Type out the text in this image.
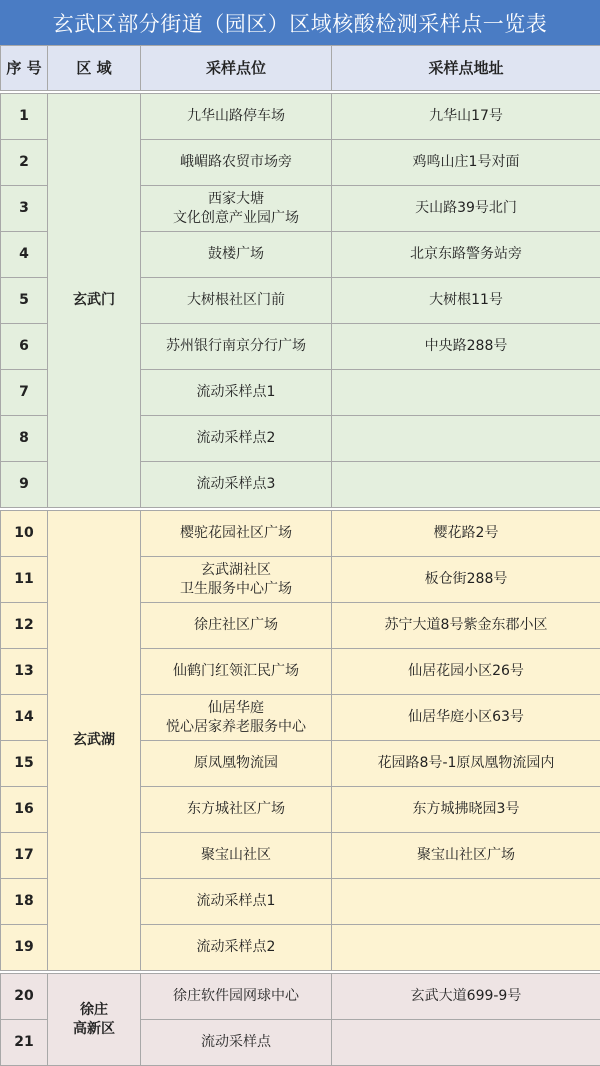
玄武区部分街道（园区）区域核酸检测采样点一览表
序 号	区 域	采样点位	采样点地址

1	玄武门	九华山路停车场	九华山17号
2		峨嵋路农贸市场旁	鸡鸣山庄1号对面
3		西家大塘
文化创意产业园广场	天山路39号北门
4		鼓楼广场	北京东路警务站旁
5		大树根社区门前	大树根11号
6		苏州银行南京分行广场	中央路288号
7		流动采样点1	

8		流动采样点2	

9		流动采样点3	

10	玄武湖	樱驼花园社区广场	樱花路2号
11		玄武湖社区
卫生服务中心广场	板仓街288号
12		徐庄社区广场	苏宁大道8号紫金东郡小区
13		仙鹤门红领汇民广场	仙居花园小区26号
14		仙居华庭
悦心居家养老服务中心	仙居华庭小区63号
15		原凤凰物流园	花园路8号-1原凤凰物流园内
16		东方城社区广场	东方城拂晓园3号
17		聚宝山社区	聚宝山社区广场
18		流动采样点1	

19		流动采样点2	

20	徐庄
高新区	徐庄软件园网球中心	玄武大道699-9号
21		流动采样点	
